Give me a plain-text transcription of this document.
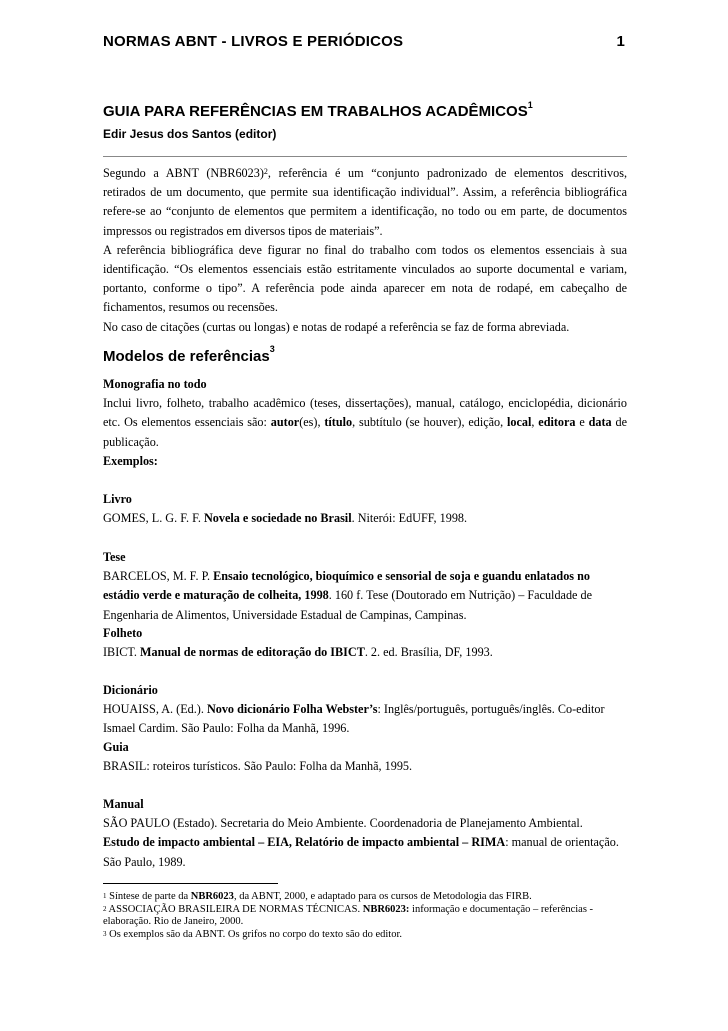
NORMAS ABNT - LIVROS E PERIÓDICOS	1
GUIA PARA REFERÊNCIAS EM TRABALHOS ACADÊMICOS$^1$
Edir Jesus dos Santos (editor)

Segundo a ABNT $(NBR6023)^2$, referência é um “conjunto padronizado de elementos descritivos,
retirados de um documento, que permite sua identificação individual”. Assim, a referência bibliográfica
refere-se ao “conjunto de elementos que permitem a identificação, no todo ou em parte, de documentos
impressos ou registrados em diversos tipos de materiais”.

A referência bibliográfica deve figurar no final do trabalho com todos os elementos essenciais à sua
identificação. “Os elementos essenciais estão estritamente vinculados ao suporte documental e variam,
portanto, conforme o tipo”. A referência pode ainda aparecer em nota de rodapé, em cabeçalho de
fichamentos, resumos ou recensões.

No caso de citações (curtas ou longas) e notas de rodapé a referência se faz de forma abreviada.

Modelos de referências$^3$
Monografia no todo
Inclui livro, folheto, trabalho acadêmico (teses, dissertações), manual, catálogo, enciclopédia, dicionário
etc. Os elementos essenciais são: autor(es), título, subtítulo (se houver), edição, local, editora e data de
publicação.
Exemplos:
Livro
GOMES, L. G. F. F. Novela e sociedade no Brasil. Niterói: EdUFF, 1998.
Tese
BARCELOS, M. F. P. Ensaio tecnológico, bioquímico e sensorial de soja e guandu enlatados no
estádio verde e maturação de colheita, 1998. 160 f. Tese (Doutorado em Nutrição) – Faculdade de
Engenharia de Alimentos, Universidade Estadual de Campinas, Campinas.
Folheto
IBICT. Manual de normas de editoração do IBICT. 2. ed. Brasília, DF, 1993.
Dicionário
HOUAISS, A. (Ed.). Novo dicionário Folha Webster’s: Inglês/português, português/inglês. Co-editor
Ismael Cardim. São Paulo: Folha da Manhã, 1996.
Guia
BRASIL: roteiros turísticos. São Paulo: Folha da Manhã, 1995.
Manual
SÃO PAULO (Estado). Secretaria do Meio Ambiente. Coordenadoria de Planejamento Ambiental.
Estudo de impacto ambiental – EIA, Relatório de impacto ambiental – RIMA: manual de orientação.
São Paulo, 1989.
$^1$ Síntese de parte da NBR6023, da ABNT, 2000, e adaptado para os cursos de Metodologia das FIRB.
$^2$ ASSOCIAÇÃO BRASILEIRA DE NORMAS TÉCNICAS. NBR6023: informação e documentação – referências -
elaboração. Rio de Janeiro, 2000.
$^3$ Os exemplos são da ABNT. Os grifos no corpo do texto são do editor.
